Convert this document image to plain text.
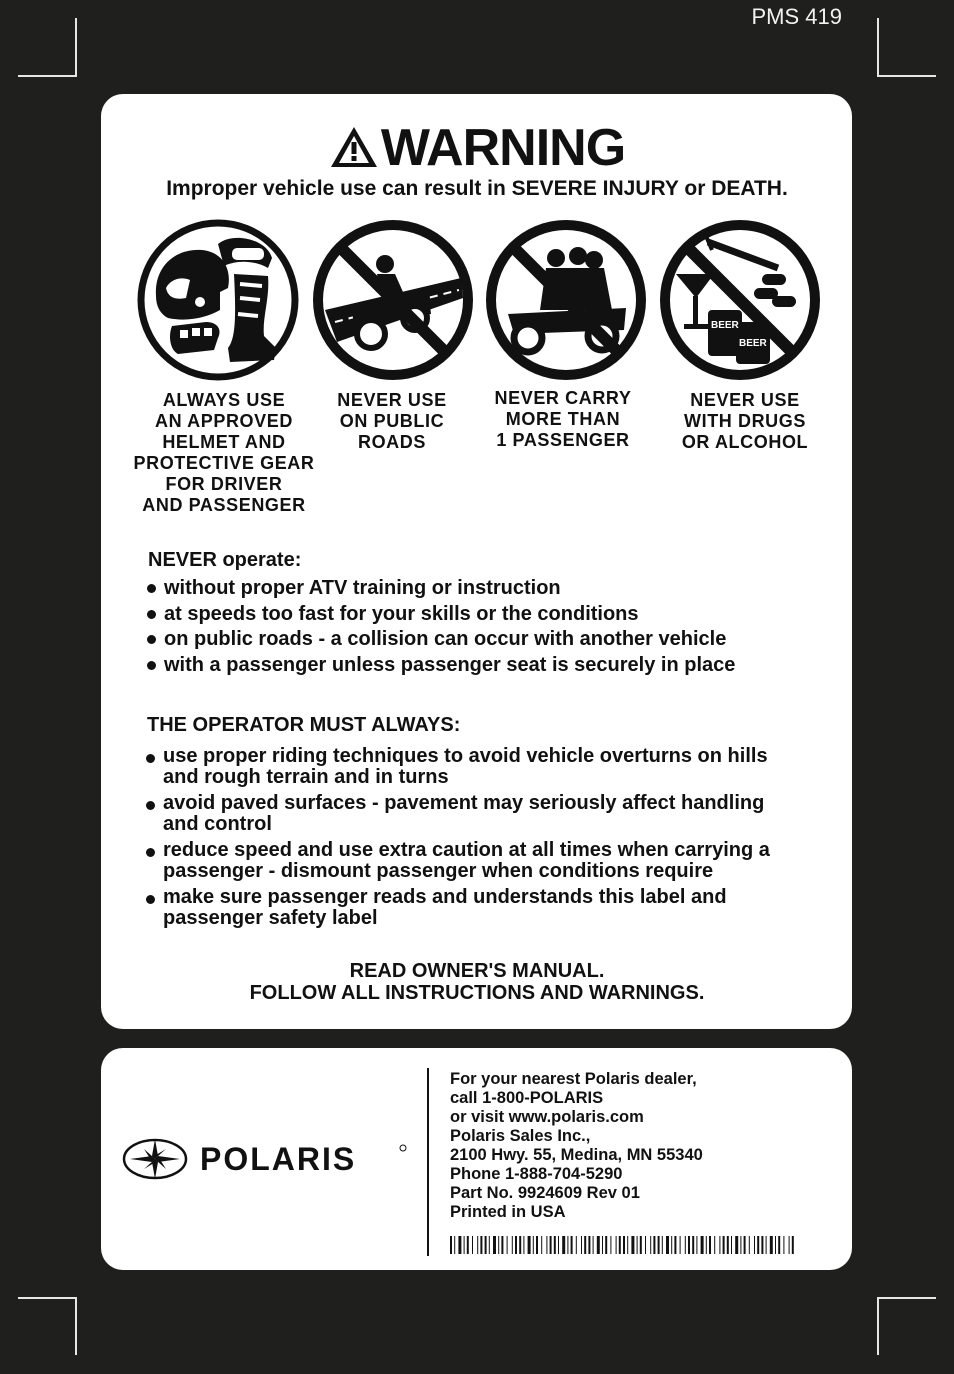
PMS 419
WARNING
Improper vehicle use can result in SEVERE INJURY or DEATH.
BEER
BEER
ALWAYS USE
AN APPROVED
HELMET AND
PROTECTIVE GEAR
FOR DRIVER
AND PASSENGER
NEVER USE
ON PUBLIC
ROADS
NEVER CARRY
MORE THAN
1 PASSENGER
NEVER USE
WITH DRUGS
OR ALCOHOL
NEVER operate:
without proper ATV training or instruction
at speeds too fast for your skills or the conditions
on public roads - a collision can occur with another vehicle
with a passenger unless passenger seat is securely in place
THE OPERATOR MUST ALWAYS:
use proper riding techniques to avoid vehicle overturns on hills
and rough terrain and in turns
avoid paved surfaces - pavement may seriously affect handling
and control
reduce speed and use extra caution at all times when carrying a
passenger - dismount passenger when conditions require
make sure passenger reads and understands this label and
passenger safety label
READ OWNER'S MANUAL.
FOLLOW ALL INSTRUCTIONS AND WARNINGS.
POLARIS
For your nearest Polaris dealer,
call 1-800-POLARIS
or visit www.polaris.com
Polaris Sales Inc.,
2100 Hwy. 55, Medina, MN 55340
Phone 1-888-704-5290
Part No. 9924609 Rev 01
Printed in USA
